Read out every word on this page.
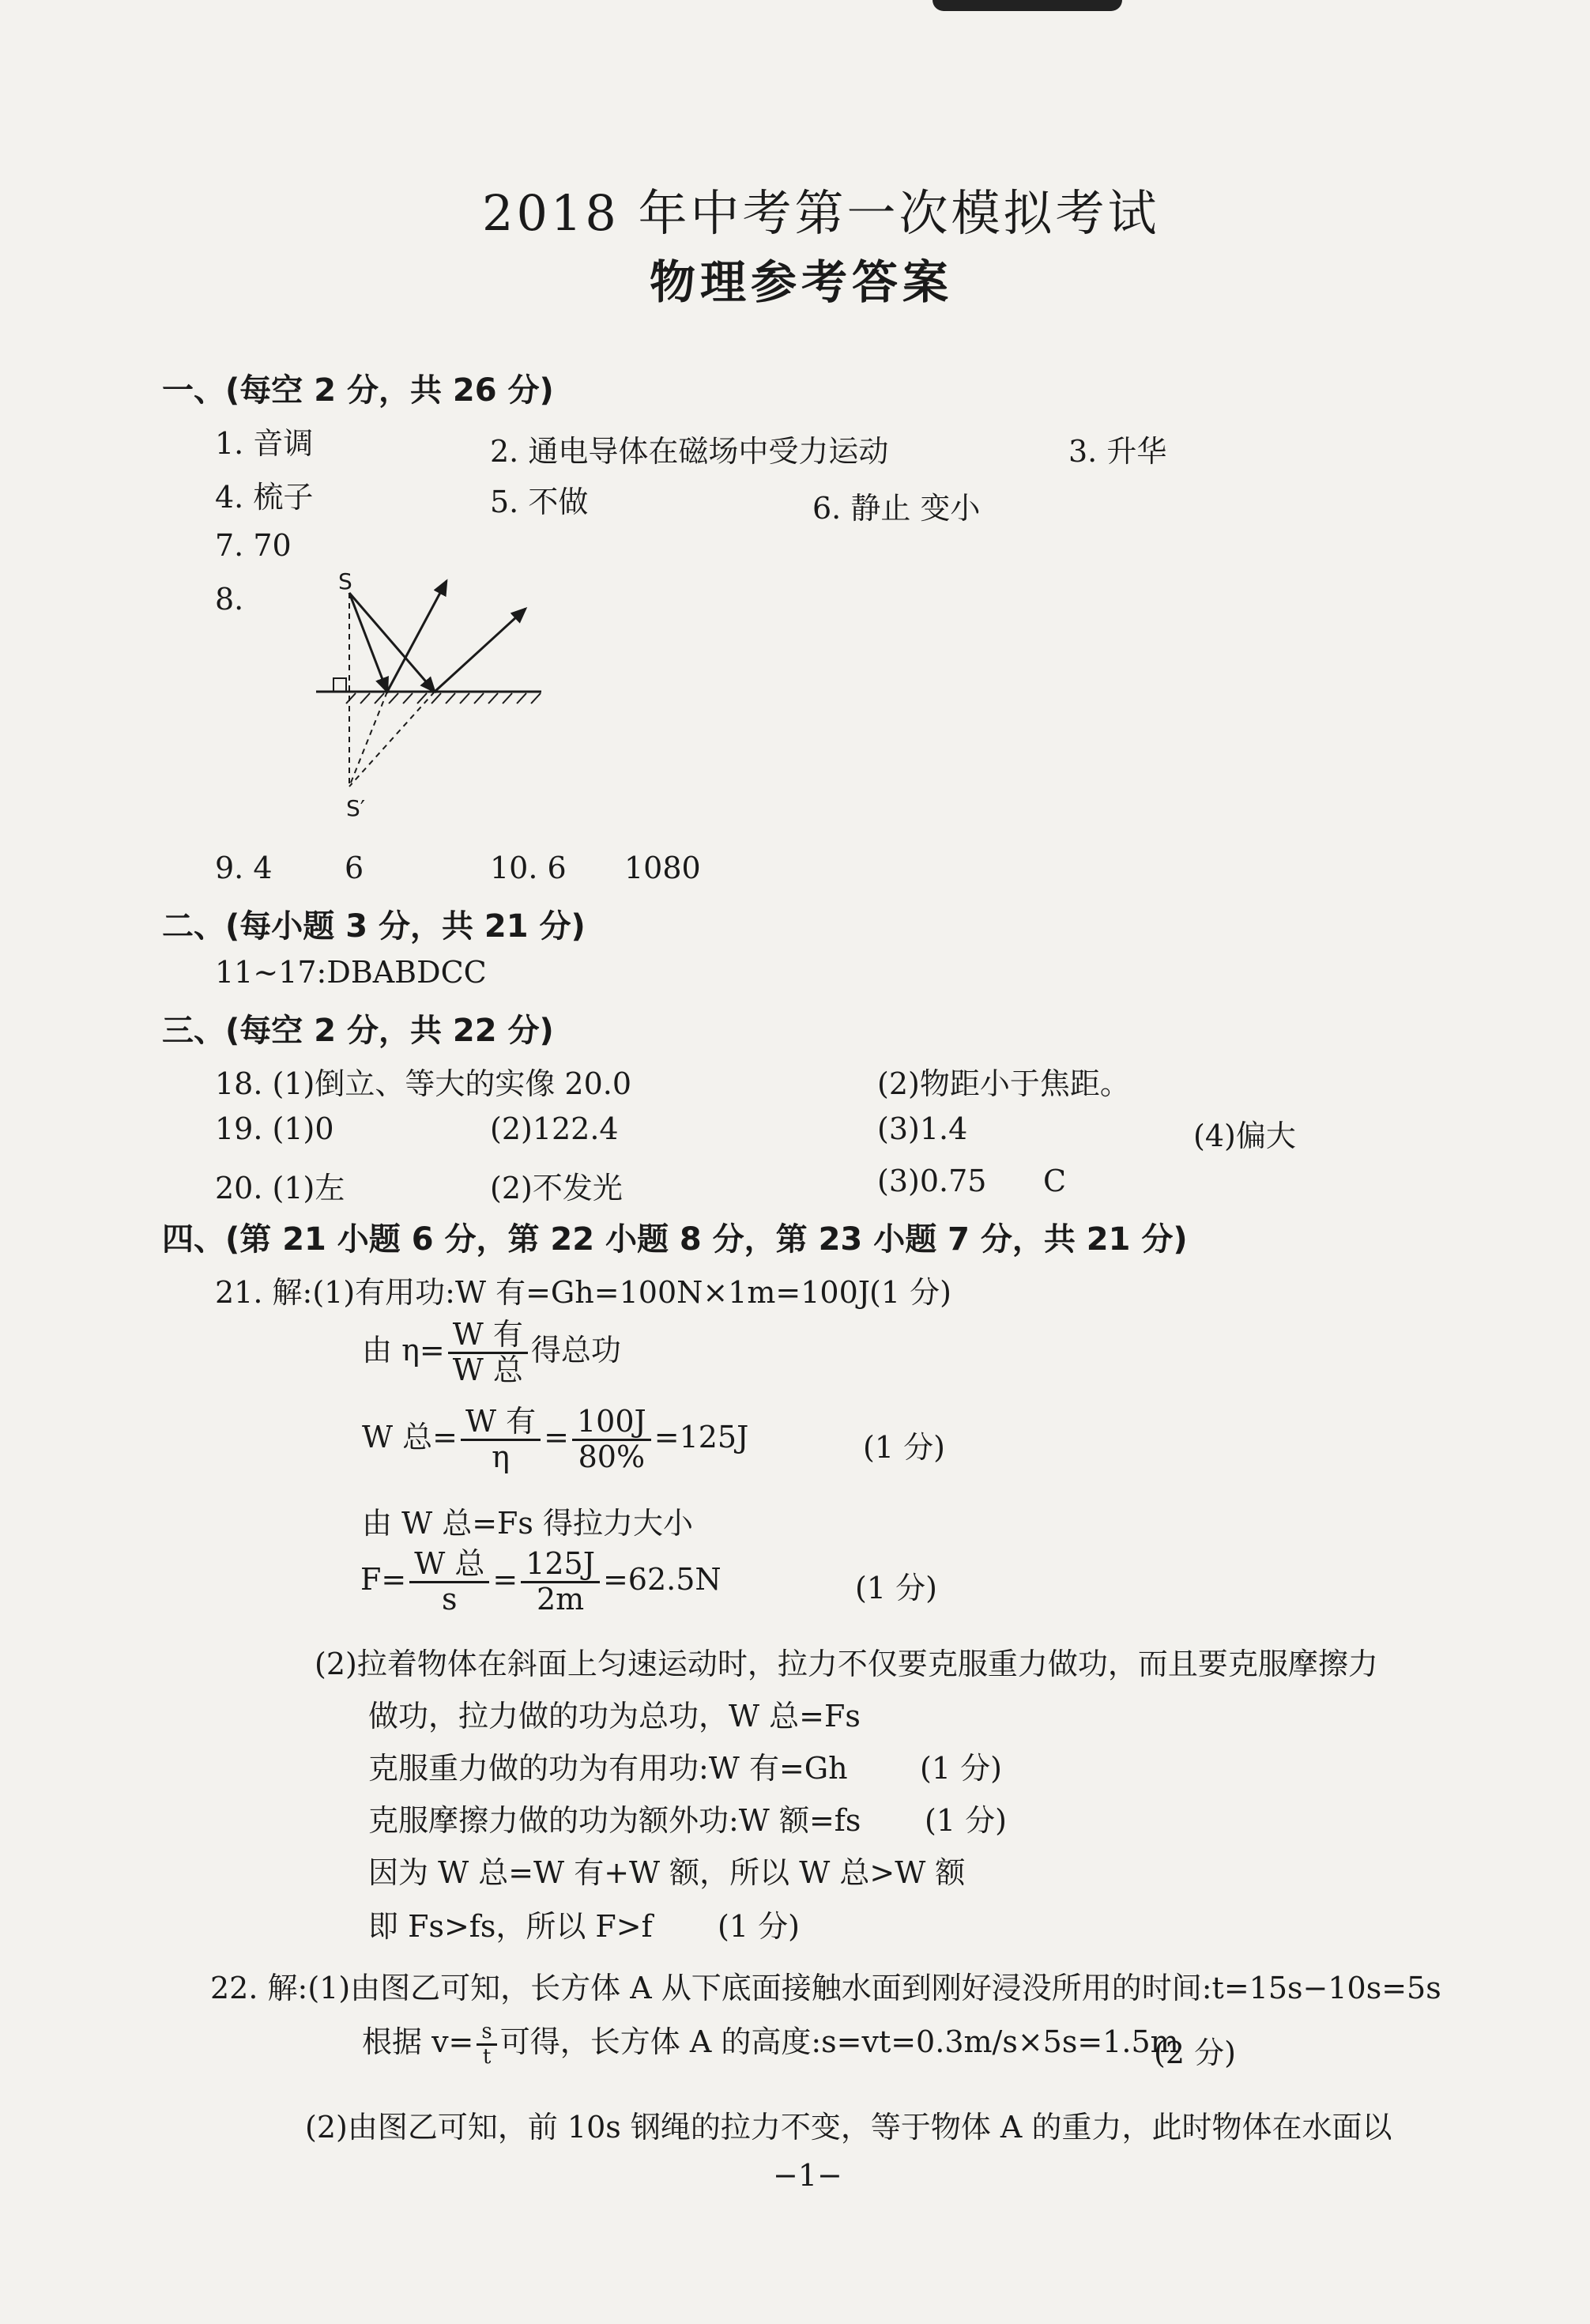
2018 年中考第一次模拟考试
物理参考答案
一、(每空 2 分，共 26 分)
1. 音调	2. 通电导体在磁场中受力运动	3. 升华
4. 梳子	5. 不做	6. 静止 变小
7. 70
8.
S
S′
9. 4 6	10. 6 1080
二、(每小题 3 分，共 21 分)
11~17:DBABDCC
三、(每空 2 分，共 22 分)
18. (1)倒立、等大的实像 20.0	(2)物距小于焦距。
19. (1)0	(2)122.4	(3)1.4	(4)偏大
20. (1)左	(2)不发光	(3)0.75 C
四、(第 21 小题 6 分，第 22 小题 8 分，第 23 小题 7 分，共 21 分)
21. 解:(1)有用功:W 有=Gh=100N×1m=100J
(1 分)
由 $\eta= \frac{\text{W 有}}{\text{W 总}}$ 得总功
W 总= $\frac{\text{W 有}}{\eta} = \frac{100J}{80\%} =125J$	(1 分)
由 W 总=Fs 得拉力大小
$F= \frac{\text{W 总}}{s} = \frac{125J}{2m} =62.5N$	(1 分)
(2)拉着物体在斜面上匀速运动时，拉力不仅要克服重力做功，而且要克服摩擦力
做功，拉力做的功为总功，W 总=Fs
克服重力做的功为有用功:W 有=Gh (1 分)
克服摩擦力做的功为额外功:W 额=fs (1 分)
因为 W 总=W 有+W 额，所以 W 总>W 额
即 Fs>fs，所以 F>f (1 分)
22. 解:(1)由图乙可知，长方体 A 从下底面接触水面到刚好浸没所用的时间:t=15s−10s=5s
根据 $v= \frac{s}{t}$ 可得，长方体 A 的高度:s=vt=0.3m/s×5s=1.5m
(2 分)
(2)由图乙可知，前 10s 钢绳的拉力不变，等于物体 A 的重力，此时物体在水面以
−1−
